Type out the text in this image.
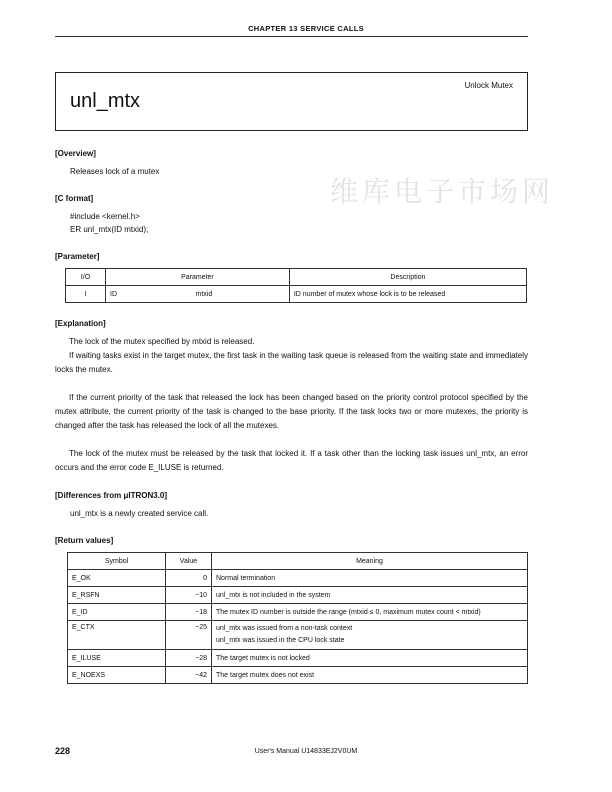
CHAPTER 13 SERVICE CALLS
unl_mtx
Unlock Mutex
维库电子市场网
[Overview]
Releases lock of a mutex
[C format]
#include <kernel.h>
ER unl_mtx(ID mtxid);
[Parameter]
I/O	Parameter		Description
I	ID	mtxid	ID number of mutex whose lock is to be released
[Explanation]

The lock of the mutex specified by mtxid is released.

If waiting tasks exist in the target mutex, the first task in the waiting task queue is released from the waiting state and immediately locks the mutex.

If the current priority of the task that released the lock has been changed based on the priority control protocol specified by the mutex attribute, the current priority of the task is changed to the base priority. If the task locks two or more mutexes, the priority is changed after the task has released the lock of all the mutexes.

The lock of the mutex must be released by the task that locked it. If a task other than the locking task issues unl_mtx, an error occurs and the error code E_ILUSE is returned.

[Differences from μITRON3.0]
unl_mtx is a newly created service call.
[Return values]
Symbol	Value	Meaning
E_OK	0	Normal termination
E_RSFN	−10	unl_mtx is not included in the system
E_ID	−18	The mutex ID number is outside the range (mtxid ≤ 0, maximum mutex count < mtxid)
E_CTX	−25	unl_mtx was issued from a non-task context
unl_mtx was issued in the CPU lock state

E_ILUSE	−28	The target mutex is not locked
E_NOEXS	−42	The target mutex does not exist
228	User's Manual U14833EJ2V0UM
